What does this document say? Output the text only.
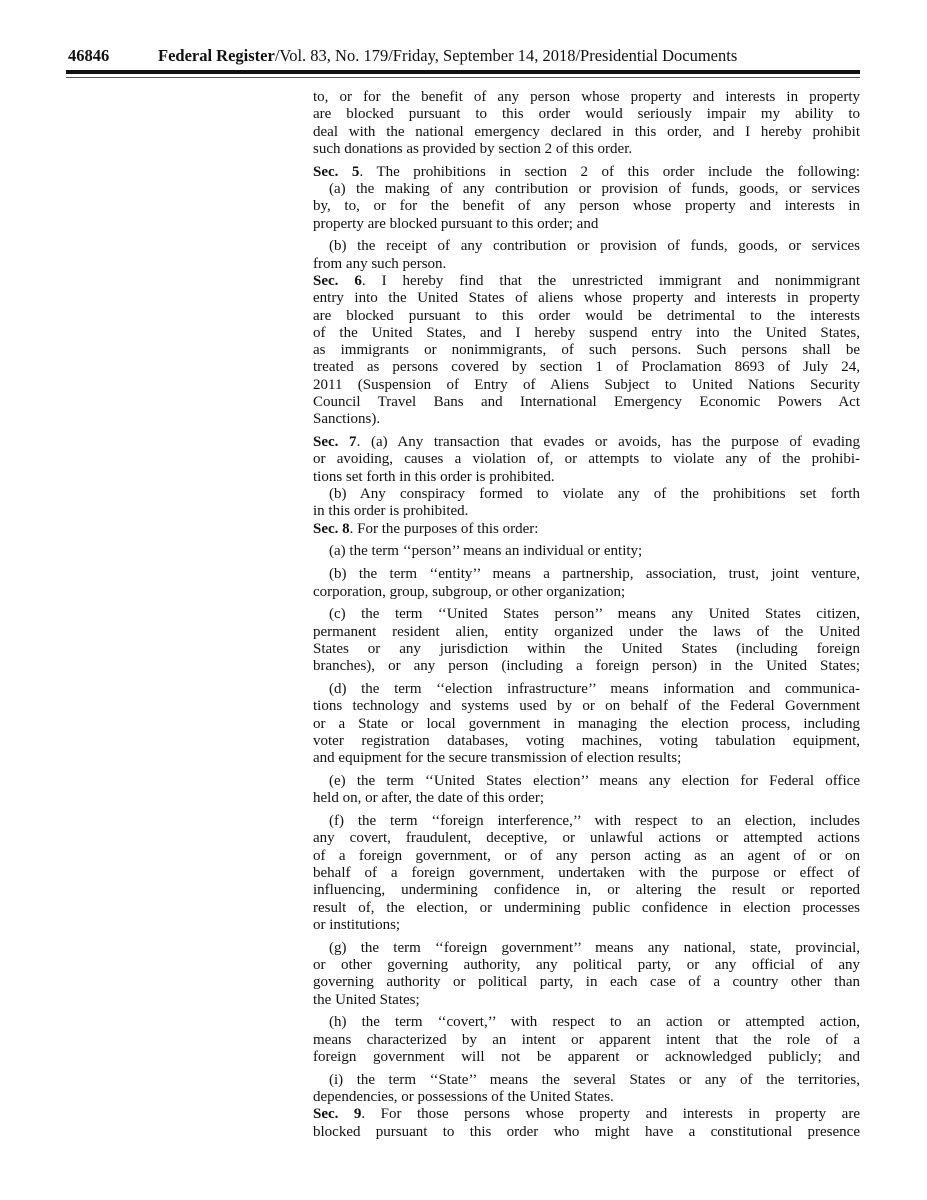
46846	Federal Register/Vol. 83, No. 179/Friday, September 14, 2018/Presidential Documents
to, or for the benefit of any person whose property and interests in property
are blocked pursuant to this order would seriously impair my ability to
deal with the national emergency declared in this order, and I hereby prohibit
such donations as provided by section 2 of this order.
Sec. 5. The prohibitions in section 2 of this order include the following:
(a) the making of any contribution or provision of funds, goods, or services
by, to, or for the benefit of any person whose property and interests in
property are blocked pursuant to this order; and
(b) the receipt of any contribution or provision of funds, goods, or services
from any such person.
Sec. 6. I hereby find that the unrestricted immigrant and nonimmigrant
entry into the United States of aliens whose property and interests in property
are blocked pursuant to this order would be detrimental to the interests
of the United States, and I hereby suspend entry into the United States,
as immigrants or nonimmigrants, of such persons. Such persons shall be
treated as persons covered by section 1 of Proclamation 8693 of July 24,
2011 (Suspension of Entry of Aliens Subject to United Nations Security
Council Travel Bans and International Emergency Economic Powers Act
Sanctions).
Sec. 7. (a) Any transaction that evades or avoids, has the purpose of evading
or avoiding, causes a violation of, or attempts to violate any of the prohibi-
tions set forth in this order is prohibited.
(b) Any conspiracy formed to violate any of the prohibitions set forth
in this order is prohibited.
Sec. 8. For the purposes of this order:
(a) the term ‘‘person’’ means an individual or entity;
(b) the term ‘‘entity’’ means a partnership, association, trust, joint venture,
corporation, group, subgroup, or other organization;
(c) the term ‘‘United States person’’ means any United States citizen,
permanent resident alien, entity organized under the laws of the United
States or any jurisdiction within the United States (including foreign
branches), or any person (including a foreign person) in the United States;
(d) the term ‘‘election infrastructure’’ means information and communica-
tions technology and systems used by or on behalf of the Federal Government
or a State or local government in managing the election process, including
voter registration databases, voting machines, voting tabulation equipment,
and equipment for the secure transmission of election results;
(e) the term ‘‘United States election’’ means any election for Federal office
held on, or after, the date of this order;
(f) the term ‘‘foreign interference,’’ with respect to an election, includes
any covert, fraudulent, deceptive, or unlawful actions or attempted actions
of a foreign government, or of any person acting as an agent of or on
behalf of a foreign government, undertaken with the purpose or effect of
influencing, undermining confidence in, or altering the result or reported
result of, the election, or undermining public confidence in election processes
or institutions;
(g) the term ‘‘foreign government’’ means any national, state, provincial,
or other governing authority, any political party, or any official of any
governing authority or political party, in each case of a country other than
the United States;
(h) the term ‘‘covert,’’ with respect to an action or attempted action,
means characterized by an intent or apparent intent that the role of a
foreign government will not be apparent or acknowledged publicly; and
(i) the term ‘‘State’’ means the several States or any of the territories,
dependencies, or possessions of the United States.
Sec. 9. For those persons whose property and interests in property are
blocked pursuant to this order who might have a constitutional presence
